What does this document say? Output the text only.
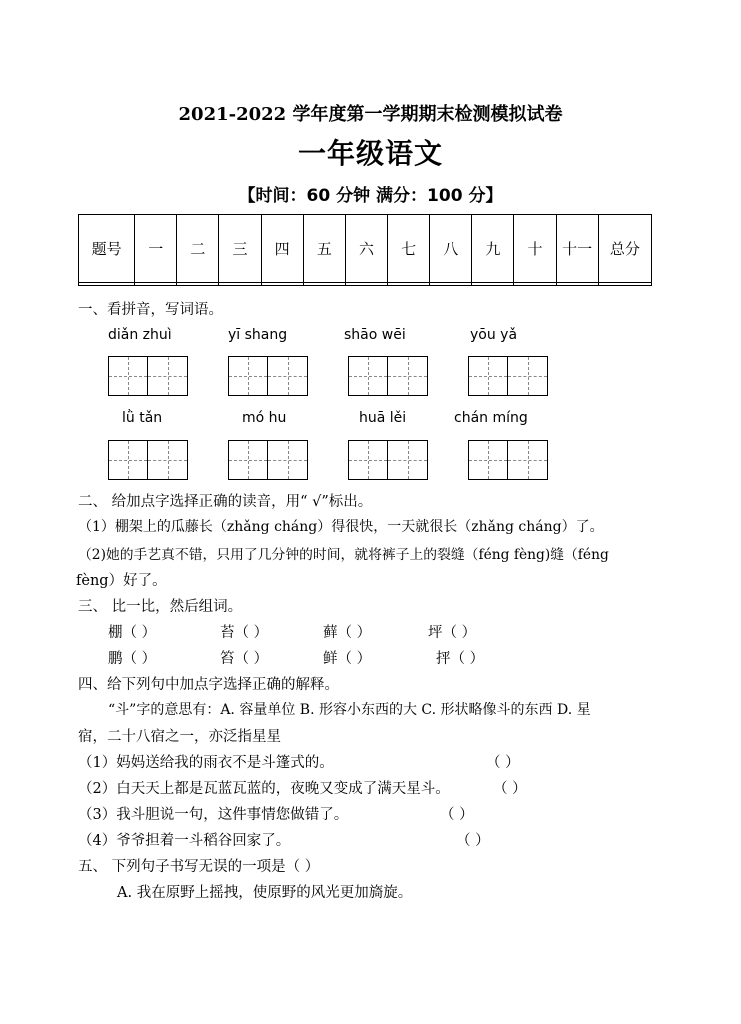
2021-2022 学年度第一学期期末检测模拟试卷
一年级语文
【时间：60 分钟 满分：100 分】
题号	一	二	三	四	五	六	七	八	九	十	十一	总分

一、看拼音，写词语。
diǎn zhuì	yī shang	shāo wēi	yōu yǎ
lǜ tǎn	mó hu	huā lěi	chán míng
二、 给加点字选择正确的读音，用“ √”标出。
（1）棚架上的瓜藤长（zhǎng cháng）得很快，一天就很长（zhǎng cháng）了。
（2)她的手艺真不错，只用了几分钟的时间，就将裤子上的裂缝（féng fèng)缝（féng
fèng）好了。
三、 比一比，然后组词。
棚（ ）	苔（ ）	藓（ ）	坪（ ）
鹏（ ）	笞（ ）	鲜（ ）	抨（ ）
四、给下列句中加点字选择正确的解释。
“斗”字的意思有：A. 容量单位 B. 形容小东西的大 C. 形状略像斗的东西 D. 星
宿，二十八宿之一，亦泛指星星
（1）妈妈送给我的雨衣不是斗篷式的。	（ ）
（2）白天天上都是瓦蓝瓦蓝的，夜晚又变成了满天星斗。	（ ）
（3）我斗胆说一句，这件事情您做错了。	（ ）
（4）爷爷担着一斗稻谷回家了。	（ ）
五、 下列句子书写无误的一项是（ ）
A. 我在原野上摇拽，使原野的风光更加旖旋。
